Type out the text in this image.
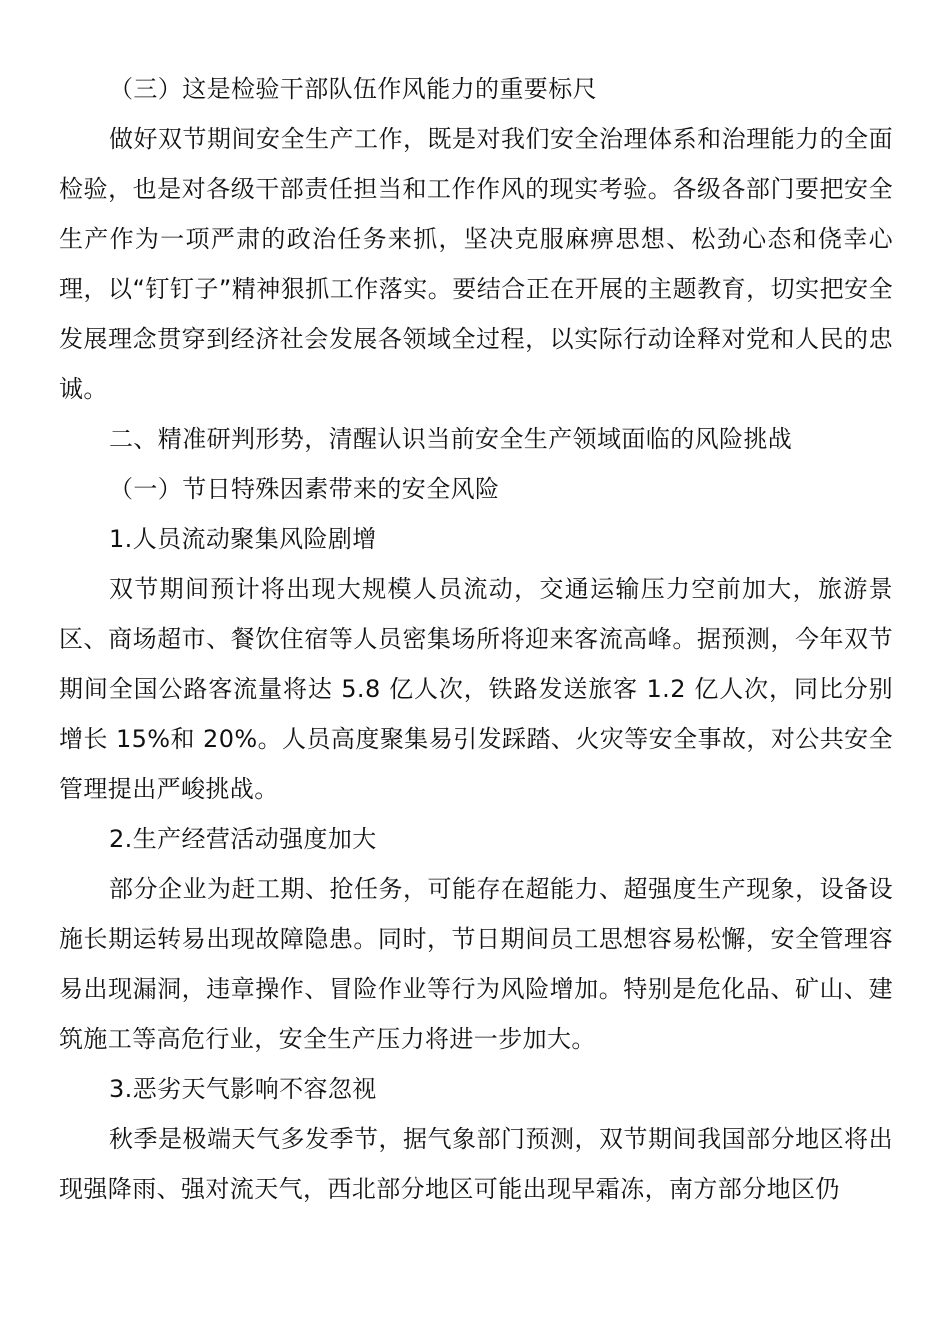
（三）这是检验干部队伍作风能力的重要标尺

做好双节期间安全生产工作，既是对我们安全治理体系和治理能力的全面检验，也是对各级干部责任担当和工作作风的现实考验。各级各部门要把安全生产作为一项严肃的政治任务来抓，坚决克服麻痹思想、松劲心态和侥幸心理，以“钉钉子”精神狠抓工作落实。要结合正在开展的主题教育，切实把安全发展理念贯穿到经济社会发展各领域全过程，以实际行动诠释对党和人民的忠诚。

二、精准研判形势，清醒认识当前安全生产领域面临的风险挑战

（一）节日特殊因素带来的安全风险

1.人员流动聚集风险剧增

双节期间预计将出现大规模人员流动，交通运输压力空前加大，旅游景区、商场超市、餐饮住宿等人员密集场所将迎来客流高峰。据预测，今年双节期间全国公路客流量将达 5.8 亿人次，铁路发送旅客 1.2 亿人次，同比分别增长 15%和 20%。人员高度聚集易引发踩踏、火灾等安全事故，对公共安全管理提出严峻挑战。

2.生产经营活动强度加大

部分企业为赶工期、抢任务，可能存在超能力、超强度生产现象，设备设施长期运转易出现故障隐患。同时，节日期间员工思想容易松懈，安全管理容易出现漏洞，违章操作、冒险作业等行为风险增加。特别是危化品、矿山、建筑施工等高危行业，安全生产压力将进一步加大。

3.恶劣天气影响不容忽视

秋季是极端天气多发季节，据气象部门预测，双节期间我国部分地区将出现强降雨、强对流天气，西北部分地区可能出现早霜冻，南方部分地区仍
